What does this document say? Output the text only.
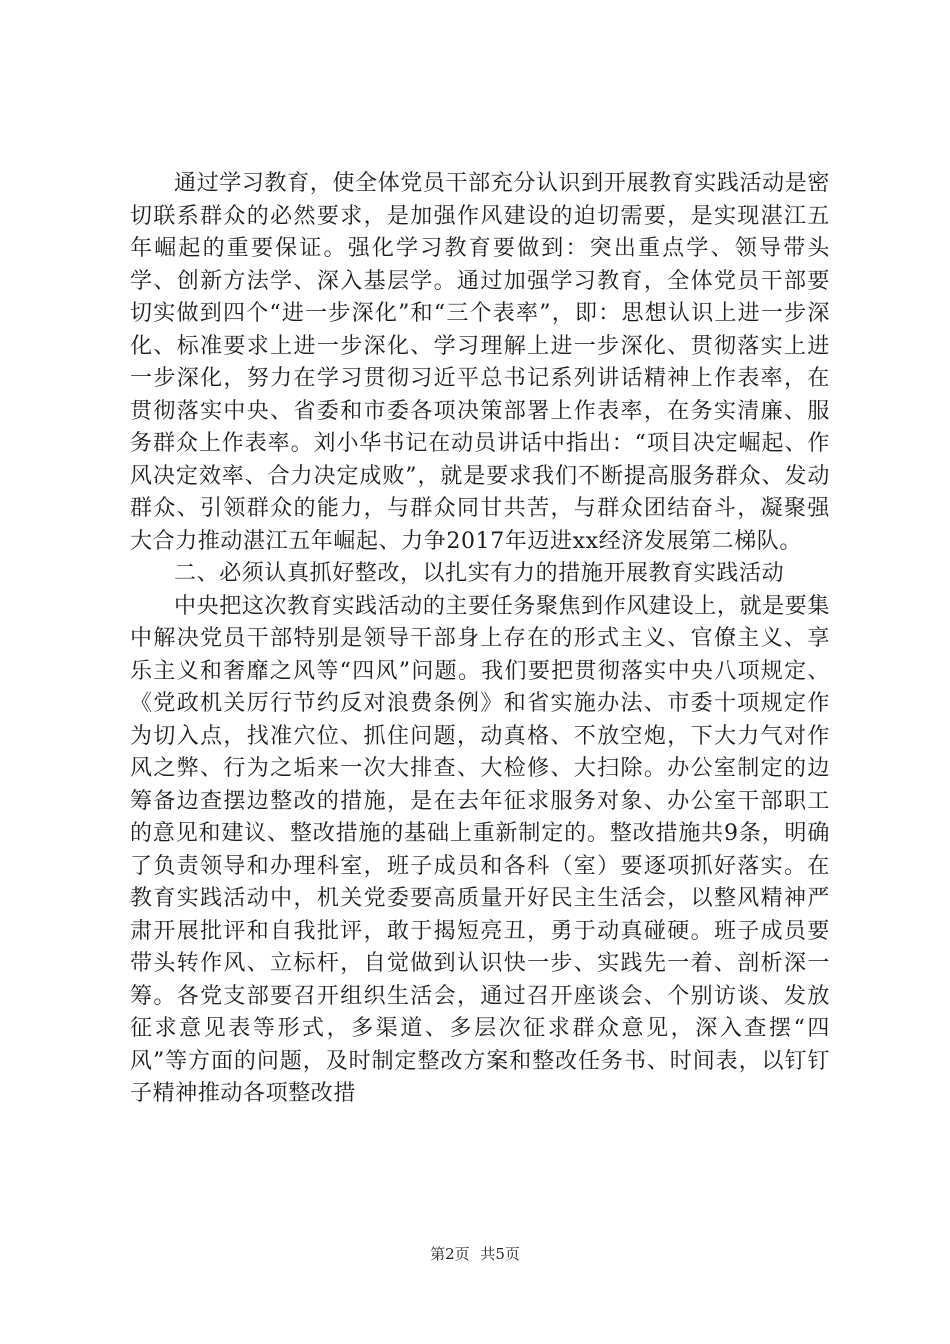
通过学习教育，使全体党员干部充分认识到开展教育实践活动是密切联系群众的必然要求，是加强作风建设的迫切需要，是实现湛江五年崛起的重要保证。强化学习教育要做到：突出重点学、领导带头学、创新方法学、深入基层学。通过加强学习教育，全体党员干部要切实做到四个“进一步深化”和“三个表率”，即：思想认识上进一步深化、标准要求上进一步深化、学习理解上进一步深化、贯彻落实上进一步深化，努力在学习贯彻习近平总书记系列讲话精神上作表率，在贯彻落实中央、省委和市委各项决策部署上作表率，在务实清廉、服务群众上作表率。刘小华书记在动员讲话中指出：“项目决定崛起、作风决定效率、合力决定成败”，就是要求我们不断提高服务群众、发动群众、引领群众的能力，与群众同甘共苦，与群众团结奋斗，凝聚强大合力推动湛江五年崛起、力争2017年迈进xx经济发展第二梯队。

二、必须认真抓好整改，以扎实有力的措施开展教育实践活动

中央把这次教育实践活动的主要任务聚焦到作风建设上，就是要集中解决党员干部特别是领导干部身上存在的形式主义、官僚主义、享乐主义和奢靡之风等“四风”问题。我们要把贯彻落实中央八项规定、《党政机关厉行节约反对浪费条例》和省实施办法、市委十项规定作为切入点，找准穴位、抓住问题，动真格、不放空炮，下大力气对作风之弊、行为之垢来一次大排查、大检修、大扫除。办公室制定的边筹备边查摆边整改的措施，是在去年征求服务对象、办公室干部职工的意见和建议、整改措施的基础上重新制定的。整改措施共9条，明确了负责领导和办理科室，班子成员和各科（室）要逐项抓好落实。在教育实践活动中，机关党委要高质量开好民主生活会，以整风精神严肃开展批评和自我批评，敢于揭短亮丑，勇于动真碰硬。班子成员要带头转作风、立标杆，自觉做到认识快一步、实践先一着、剖析深一筹。各党支部要召开组织生活会，通过召开座谈会、个别访谈、发放征求意见表等形式，多渠道、多层次征求群众意见，深入查摆“四风”等方面的问题，及时制定整改方案和整改任务书、时间表，以钉钉子精神推动各项整改措

第2页 共5页
